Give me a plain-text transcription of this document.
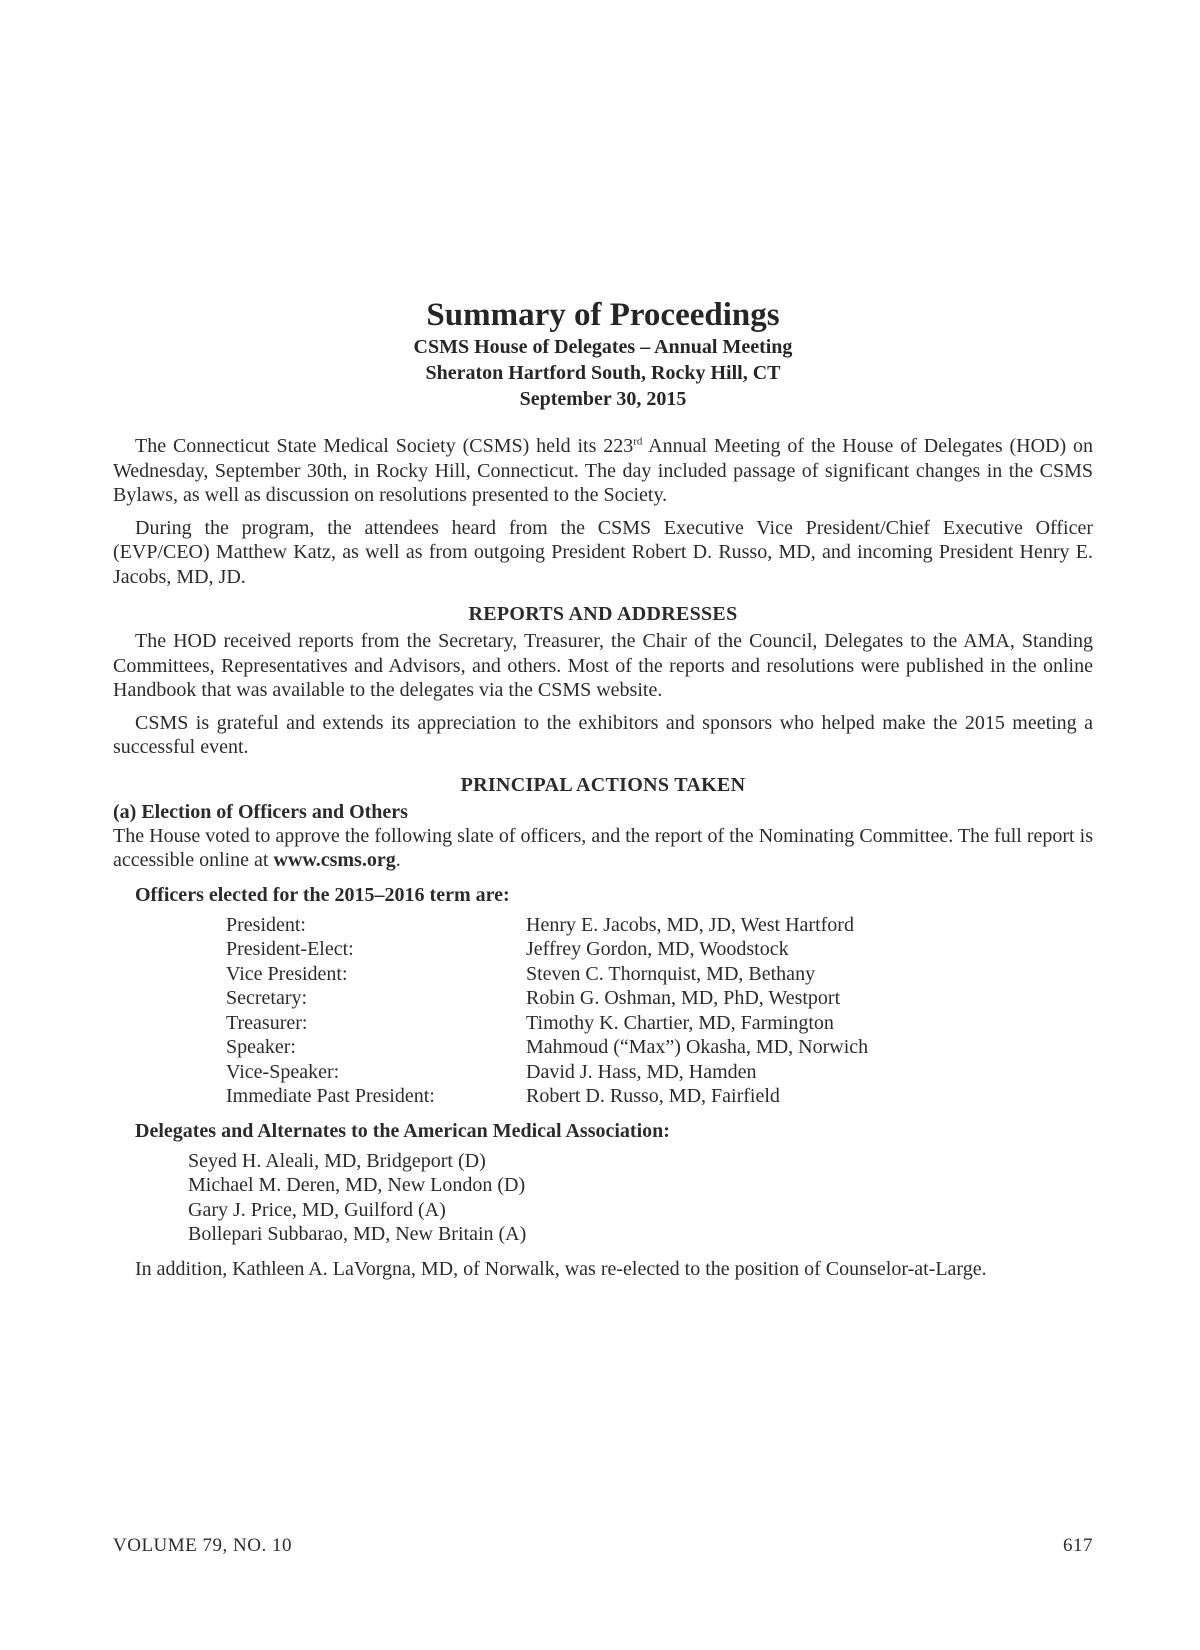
Summary of Proceedings

CSMS House of Delegates – Annual Meeting

Sheraton Hartford South, Rocky Hill, CT

September 30, 2015

The Connecticut State Medical Society (CSMS) held its 223rd Annual Meeting of the House of Delegates (HOD) on Wednesday, September 30th, in Rocky Hill, Connecticut. The day included passage of significant changes in the CSMS Bylaws, as well as discussion on resolutions presented to the Society.

During the program, the attendees heard from the CSMS Executive Vice President/Chief Executive Officer (EVP/CEO) Matthew Katz, as well as from outgoing President Robert D. Russo, MD, and incoming President Henry E. Jacobs, MD, JD.

REPORTS AND ADDRESSES

The HOD received reports from the Secretary, Treasurer, the Chair of the Council, Delegates to the AMA, Standing Committees, Representatives and Advisors, and others. Most of the reports and resolutions were published in the online Handbook that was available to the delegates via the CSMS website.

CSMS is grateful and extends its appreciation to the exhibitors and sponsors who helped make the 2015 meeting a successful event.

PRINCIPAL ACTIONS TAKEN

(a) Election of Officers and Others

The House voted to approve the following slate of officers, and the report of the Nominating Committee. The full report is accessible online at www.csms.org.

Officers elected for the 2015–2016 term are:

President:	Henry E. Jacobs, MD, JD, West Hartford
President-Elect:	Jeffrey Gordon, MD, Woodstock
Vice President:	Steven C. Thornquist, MD, Bethany
Secretary:	Robin G. Oshman, MD, PhD, Westport
Treasurer:	Timothy K. Chartier, MD, Farmington
Speaker:	Mahmoud (“Max”) Okasha, MD, Norwich
Vice-Speaker:	David J. Hass, MD, Hamden
Immediate Past President:	Robert D. Russo, MD, Fairfield

Delegates and Alternates to the American Medical Association:

Seyed H. Aleali, MD, Bridgeport (D)
Michael M. Deren, MD, New London (D)
Gary J. Price, MD, Guilford (A)
Bollepari Subbarao, MD, New Britain (A)

In addition, Kathleen A. LaVorgna, MD, of Norwalk, was re-elected to the position of Counselor-at-Large.

VOLUME 79, NO. 10	617
